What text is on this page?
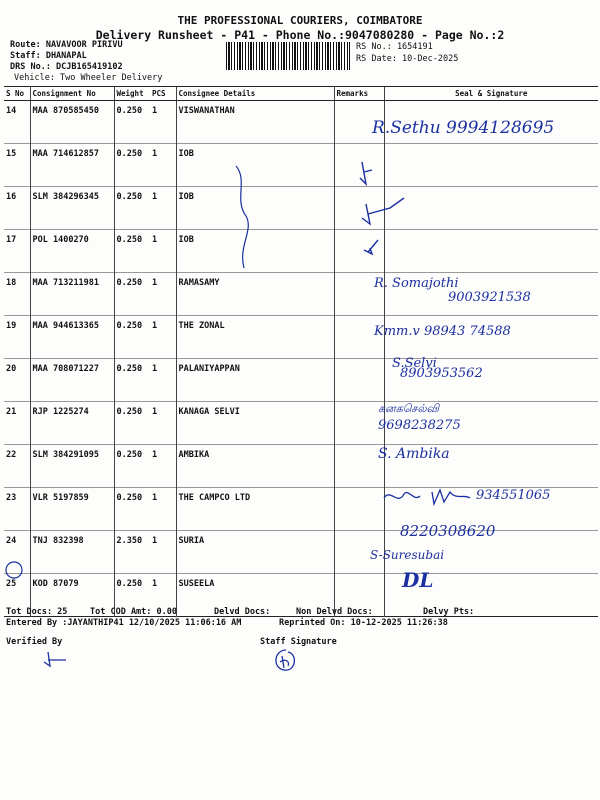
THE PROFESSIONAL COURIERS, COIMBATORE
Delivery Runsheet - P41 - Phone No.:9047080280 - Page No.:2
Route: NAVAVOOR PIRIVU
Staff: DHANAPAL
DRS No.: DCJB165419102
Vehicle: Two Wheeler Delivery
RS No.: 1654191
RS Date: 10-Dec-2025
S No	Consignment No	Weight	PCS	Consignee Details	Remarks	Seal & Signature
14	MAA 870585450	0.250	1	VISWANATHAN		
15	MAA 714612857	0.250	1	IOB		
16	SLM 384296345	0.250	1	IOB		
17	POL 1400270	0.250	1	IOB		
18	MAA 713211981	0.250	1	RAMASAMY		
19	MAA 944613365	0.250	1	THE ZONAL		
20	MAA 708071227	0.250	1	PALANIYAPPAN		
21	RJP 1225274	0.250	1	KANAGA SELVI		
22	SLM 384291095	0.250	1	AMBIKA		
23	VLR 5197859	0.250	1	THE CAMPCO LTD		
24	TNJ 832398	2.350	1	SURIA		
25	KOD 87079	0.250	1	SUSEELA		
R.Sethu 9994128695
R. Somajothi
9003921538
Kmm.v 98943 74588
S.Selvi
8903953562
கனகசெல்வி
9698238275
S. Ambika
934551065
8220308620
S-Suresubai
DL
Tot Docs: 25	Tot COD Amt: 0.00	Delvd Docs:	Non Delvd Docs:	Delvy Pts:
Entered By :JAYANTHIP41 12/10/2025 11:06:16 AM	Reprinted On: 10-12-2025 11:26:38
Verified By	Staff Signature
